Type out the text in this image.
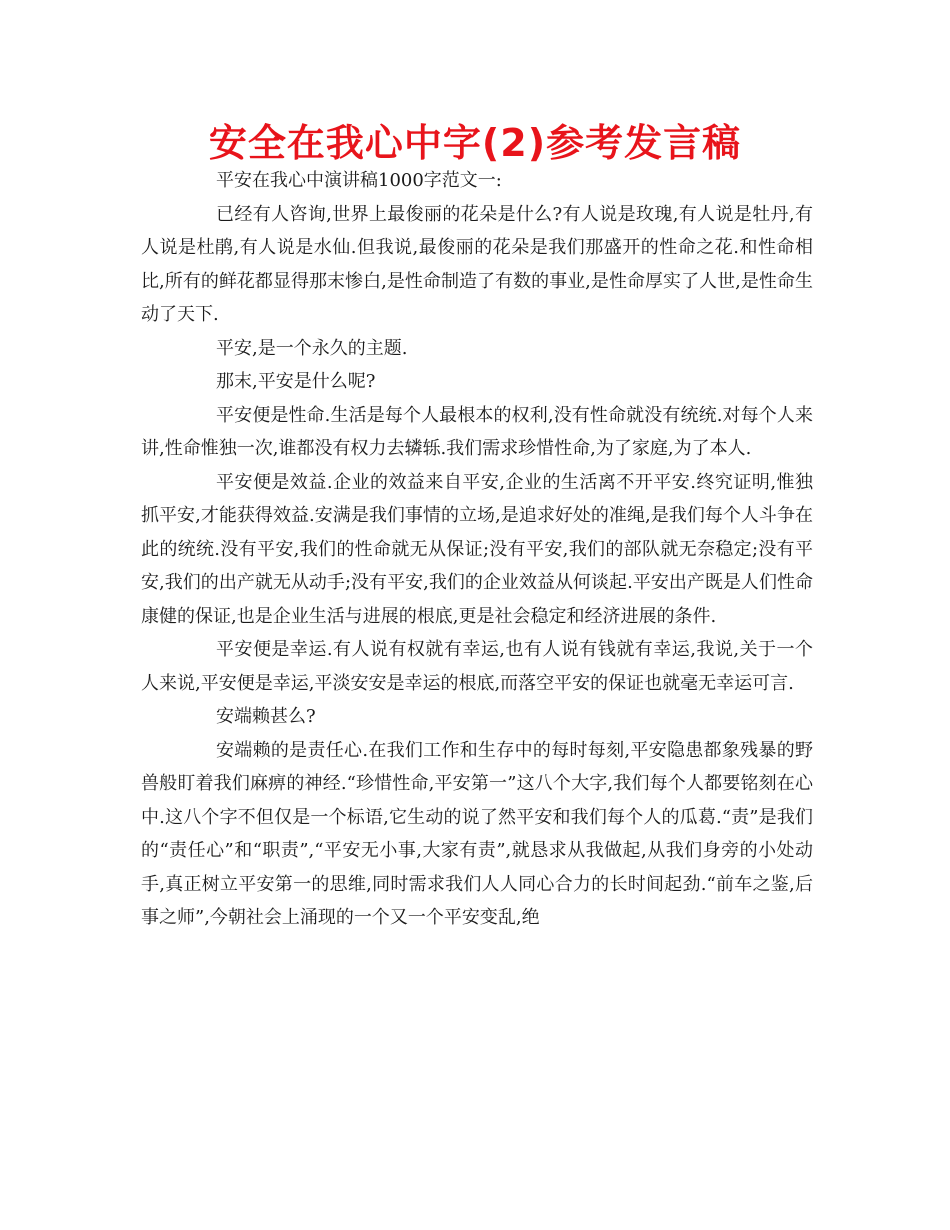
安全在我心中字(2)参考发言稿

平安在我心中演讲稿1000字范文一:

已经有人咨询,世界上最俊丽的花朵是什么?有人说是玫瑰,有人说是牡丹,有人说是杜鹃,有人说是水仙.但我说,最俊丽的花朵是我们那盛开的性命之花.和性命相比,所有的鲜花都显得那末惨白,是性命制造了有数的事业,是性命厚实了人世,是性命生动了天下.

平安,是一个永久的主题.

那末,平安是什么呢?

平安便是性命.生活是每个人最根本的权利,没有性命就没有统统.对每个人来讲,性命惟独一次,谁都没有权力去辚轹.我们需求珍惜性命,为了家庭,为了本人.

平安便是效益.企业的效益来自平安,企业的生活离不开平安.终究证明,惟独抓平安,才能获得效益.安满是我们事情的立场,是追求好处的准绳,是我们每个人斗争在此的统统.没有平安,我们的性命就无从保证;没有平安,我们的部队就无奈稳定;没有平安,我们的出产就无从动手;没有平安,我们的企业效益从何谈起.平安出产既是人们性命康健的保证,也是企业生活与进展的根底,更是社会稳定和经济进展的条件.

平安便是幸运.有人说有权就有幸运,也有人说有钱就有幸运,我说,关于一个人来说,平安便是幸运,平淡安安是幸运的根底,而落空平安的保证也就毫无幸运可言.

安端赖甚么?

安端赖的是责任心.在我们工作和生存中的每时每刻,平安隐患都象残暴的野兽般盯着我们麻痹的神经.“珍惜性命,平安第一”这八个大字,我们每个人都要铭刻在心中.这八个字不但仅是一个标语,它生动的说了然平安和我们每个人的瓜葛.“责”是我们的“责任心”和“职责”,“平安无小事,大家有责”,就恳求从我做起,从我们身旁的小处动手,真正树立平安第一的思维,同时需求我们人人同心合力的长时间起劲.“前车之鉴,后事之师”,今朝社会上涌现的一个又一个平安变乱,绝
